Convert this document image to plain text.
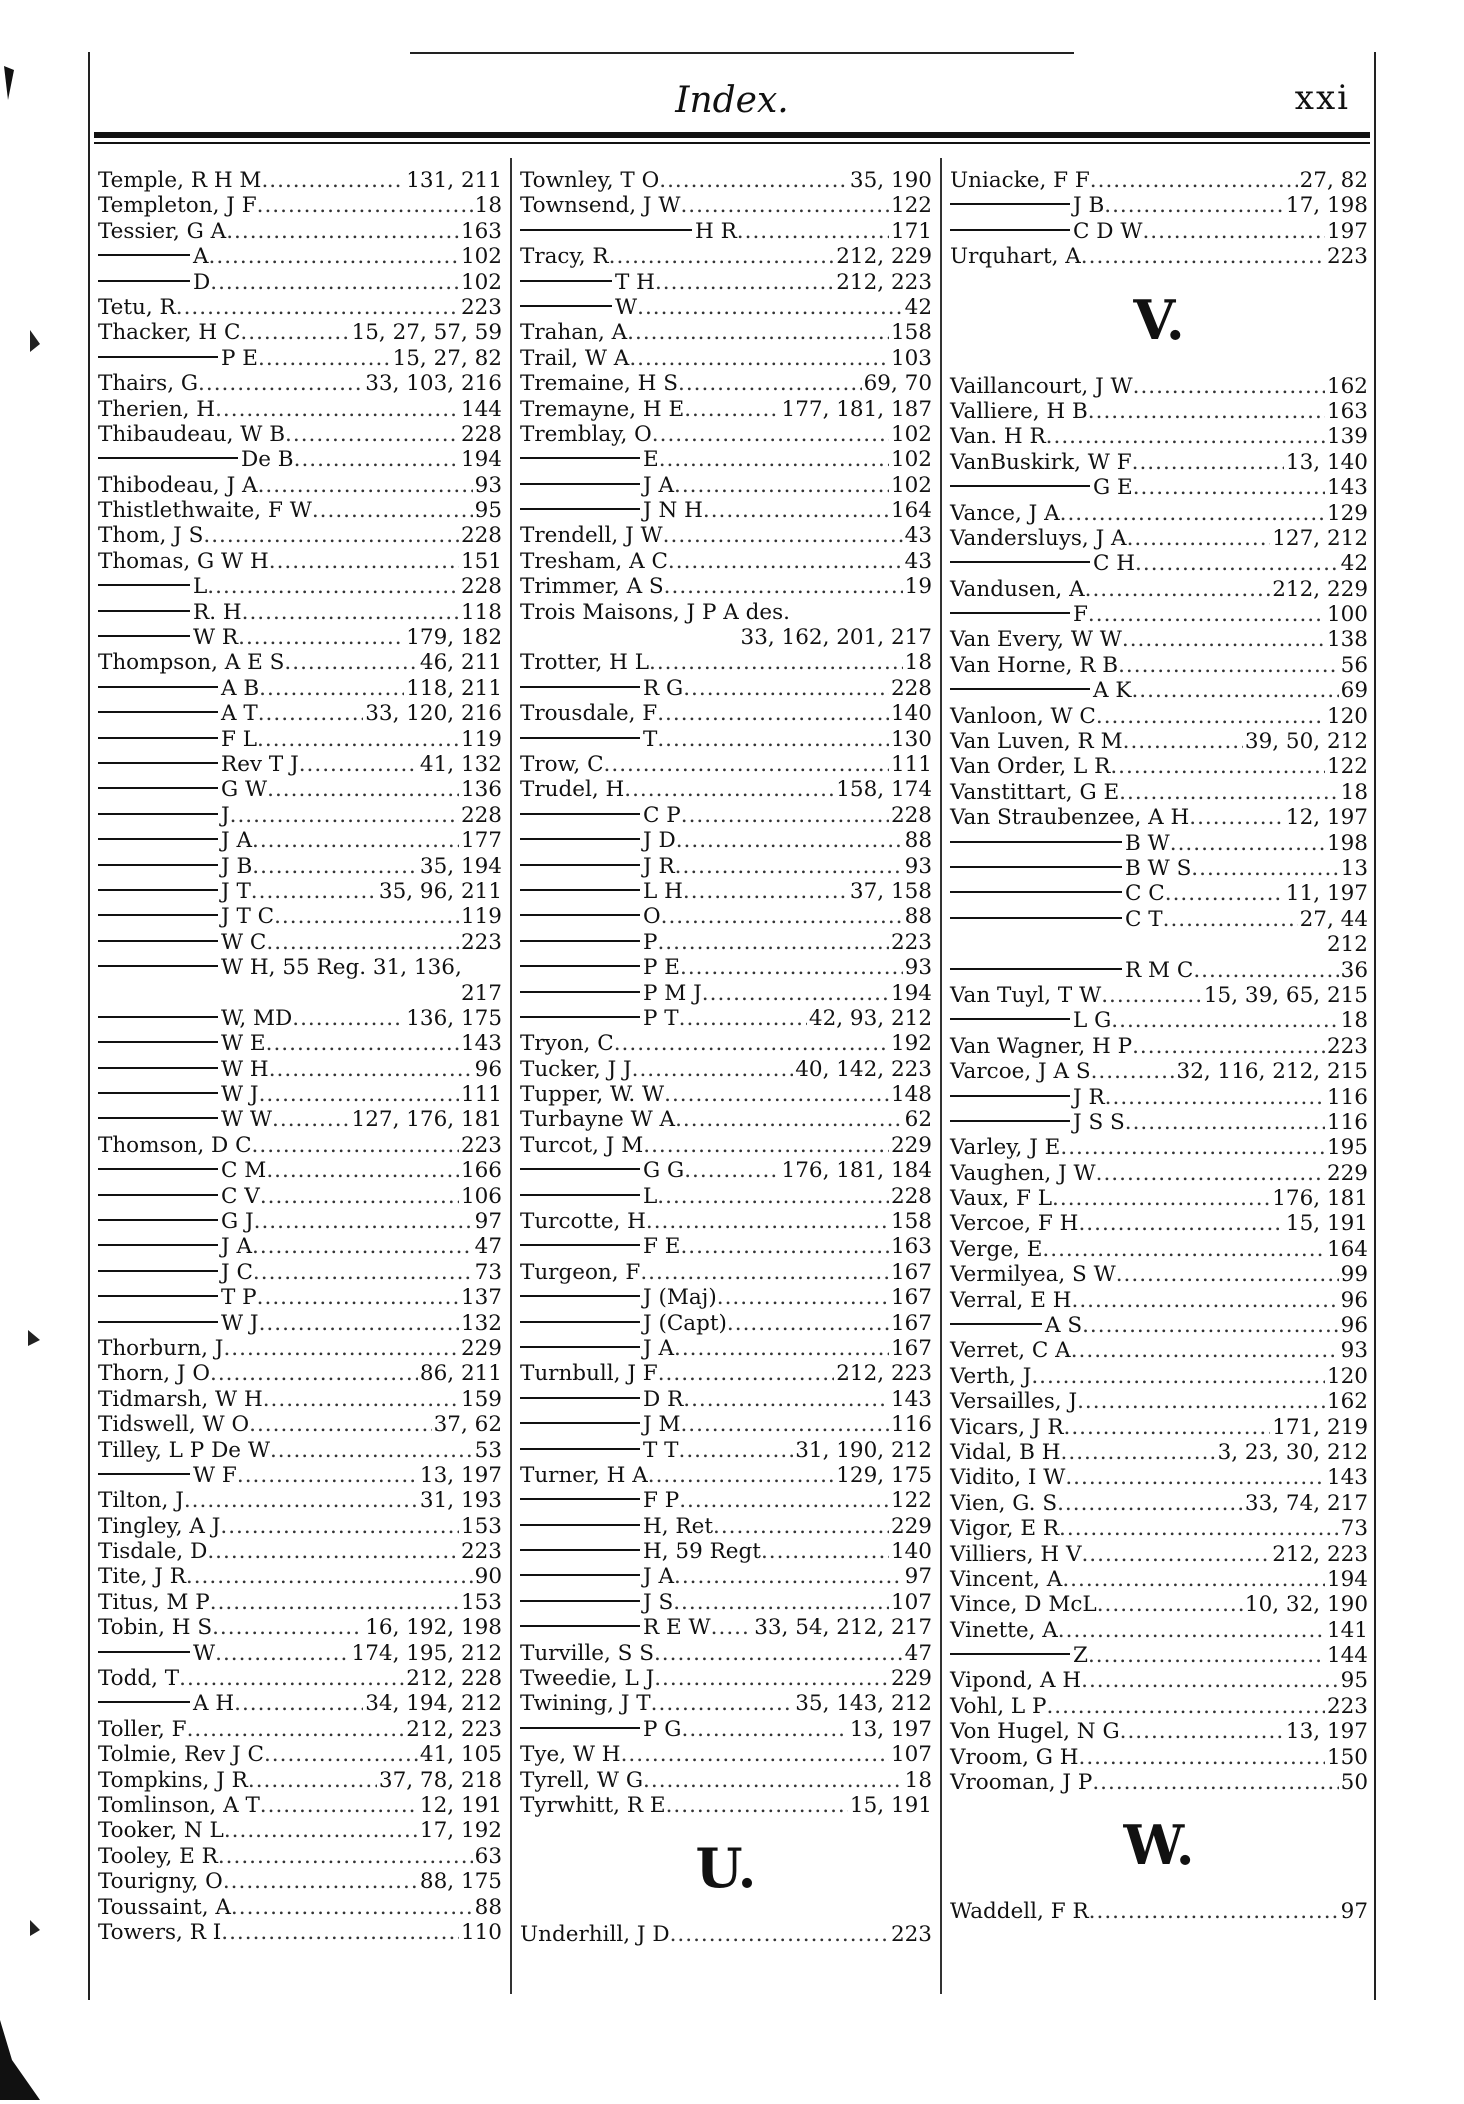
Index.	xxi
Temple, R H M .....	131, 211
Templeton, J F .....	18
Tessier, G A .....	163
A .....	102
D .....	102
Tetu, R .....	223
Thacker, H C .....	15, 27, 57, 59
P E .....	15, 27, 82
Thairs, G .....	33, 103, 216
Therien, H .....	144
Thibaudeau, W B .....	228
De B .....	194
Thibodeau, J A .....	93
Thistlethwaite, F W .....	95
Thom, J S .....	228
Thomas, G W H .....	151
L .....	228
R. H .....	118
W R .....	179, 182
Thompson, A E S .....	46, 211
A B .....	118, 211
A T .....	33, 120, 216
F L .....	119
Rev T J .....	41, 132
G W .....	136
J .....	228
J A .....	177
J B .....	35, 194
J T .....	35, 96, 211
J T C .....	119
W C .....	223
W H, 55 Reg. 31, 136,
217
W, MD .....	136, 175
W E .....	143
W H .....	96
W J .....	111
W W .....	127, 176, 181
Thomson, D C .....	223
C M .....	166
C V .....	106
G J .....	97
J A .....	47
J C .....	73
T P .....	137
W J .....	132
Thorburn, J .....	229
Thorn, J O .....	86, 211
Tidmarsh, W H .....	159
Tidswell, W O .....	37, 62
Tilley, L P De W .....	53
W F .....	13, 197
Tilton, J .....	31, 193
Tingley, A J .....	153
Tisdale, D .....	223
Tite, J R .....	90
Titus, M P .....	153
Tobin, H S .....	16, 192, 198
W .....	174, 195, 212
Todd, T .....	212, 228
A H .....	34, 194, 212
Toller, F .....	212, 223
Tolmie, Rev J C .....	41, 105
Tompkins, J R .....	37, 78, 218
Tomlinson, A T .....	12, 191
Tooker, N L .....	17, 192
Tooley, E R .....	63
Tourigny, O .....	88, 175
Toussaint, A .....	88
Towers, R I .....	110
Townley, T O .....	35, 190
Townsend, J W .....	122
H R .....	171
Tracy, R .....	212, 229
T H .....	212, 223
W .....	42
Trahan, A .....	158
Trail, W A .....	103
Tremaine, H S .....	69, 70
Tremayne, H E .....	177, 181, 187
Tremblay, O .....	102
E .....	102
J A .....	102
J N H .....	164
Trendell, J W .....	43
Tresham, A C .....	43
Trimmer, A S .....	19
Trois Maisons, J P A des.
33, 162, 201, 217
Trotter, H L .....	18
R G .....	228
Trousdale, F .....	140
T .....	130
Trow, C .....	111
Trudel, H .....	158, 174
C P .....	228
J D .....	88
J R .....	93
L H .....	37, 158
O .....	88
P .....	223
P E .....	93
P M J .....	194
P T .....	42, 93, 212
Tryon, C .....	192
Tucker, J J .....	40, 142, 223
Tupper, W. W .....	148
Turbayne W A .....	62
Turcot, J M .....	229
G G .....	176, 181, 184
L .....	228
Turcotte, H .....	158
F E .....	163
Turgeon, F .....	167
J (Maj) .....	167
J (Capt) .....	167
J A .....	167
Turnbull, J F .....	212, 223
D R .....	143
J M .....	116
T T .....	31, 190, 212
Turner, H A .....	129, 175
F P .....	122
H, Ret .....	229
H, 59 Regt .....	140
J A .....	97
J S .....	107
R E W ..... 33, 54, 212, 217
Turville, S S .....	47
Tweedie, L J .....	229
Twining, J T .....	35, 143, 212
P G .....	13, 197
Tye, W H .....	107
Tyrell, W G .....	18
Tyrwhitt, R E .....	15, 191
U.
Underhill, J D .....	223
Uniacke, F F .....	27, 82
J B .....	17, 198
C D W .....	197
Urquhart, A .....	223
V.
Vaillancourt, J W .....	162
Valliere, H B .....	163
Van. H R .....	139
VanBuskirk, W F .....	13, 140
G E .....	143
Vance, J A .....	129
Vandersluys, J A .....	127, 212
C H .....	42
Vandusen, A .....	212, 229
F .....	100
Van Every, W W .....	138
Van Horne, R B .....	56
A K .....	69
Vanloon, W C .....	120
Van Luven, R M .....	39, 50, 212
Van Order, L R .....	122
Vanstittart, G E .....	18
Van Straubenzee, A H .....	12, 197
B W .....	198
B W S .....	13
C C .....	11, 197
C T .....	27, 44
212
R M C .....	36
Van Tuyl, T W .....	15, 39, 65, 215
L G .....	18
Van Wagner, H P .....	223
Varcoe, J A S .....	32, 116, 212, 215
J R .....	116
J S S .....	116
Varley, J E .....	195
Vaughen, J W .....	229
Vaux, F L .....	176, 181
Vercoe, F H .....	15, 191
Verge, E .....	164
Vermilyea, S W .....	99
Verral, E H .....	96
A S .....	96
Verret, C A .....	93
Verth, J .....	120
Versailles, J .....	162
Vicars, J R .....	171, 219
Vidal, B H .....	3, 23, 30, 212
Vidito, I W .....	143
Vien, G. S .....	33, 74, 217
Vigor, E R .....	73
Villiers, H V .....	212, 223
Vincent, A .....	194
Vince, D McL .....	10, 32, 190
Vinette, A .....	141
Z .....	144
Vipond, A H .....	95
Vohl, L P .....	223
Von Hugel, N G .....	13, 197
Vroom, G H .....	150
Vrooman, J P .....	50
W.
Waddell, F R .....	97
